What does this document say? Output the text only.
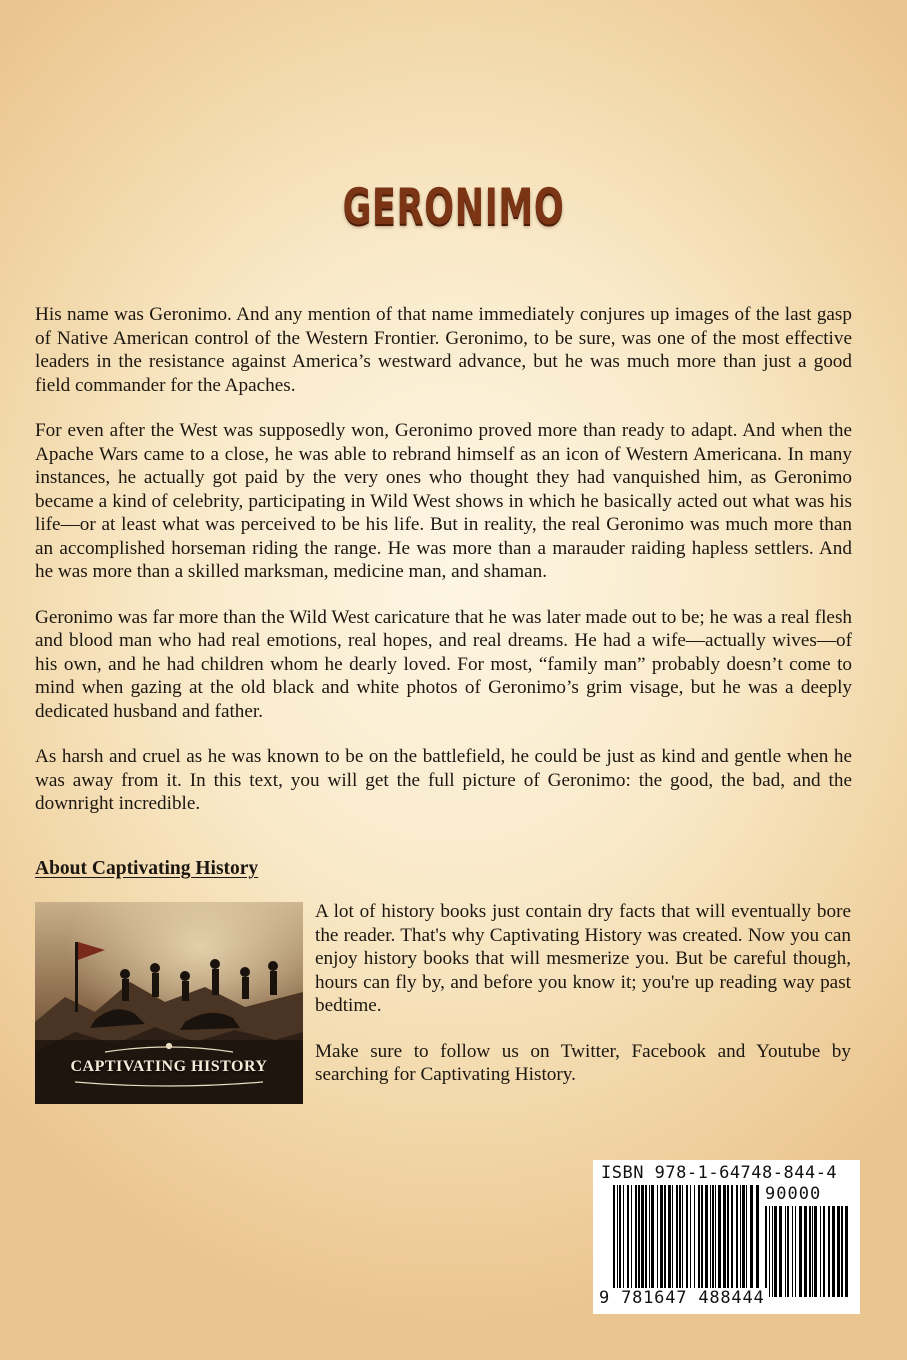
GERONIMO

His name was Geronimo. And any mention of that name immediately conjures up images of the last gasp of Native American control of the Western Frontier. Geronimo, to be sure, was one of the most effective leaders in the resistance against America’s westward advance, but he was much more than just a good field commander for the Apaches.

For even after the West was supposedly won, Geronimo proved more than ready to adapt. And when the Apache Wars came to a close, he was able to rebrand himself as an icon of Western Americana. In many instances, he actually got paid by the very ones who thought they had vanquished him, as Geronimo became a kind of celebrity, participating in Wild West shows in which he basically acted out what was his life—or at least what was perceived to be his life. But in reality, the real Geronimo was much more than an accomplished horseman riding the range. He was more than a marauder raiding hapless settlers. And he was more than a skilled marksman, medicine man, and shaman.

Geronimo was far more than the Wild West caricature that he was later made out to be; he was a real flesh and blood man who had real emotions, real hopes, and real dreams. He had a wife—actually wives—of his own, and he had children whom he dearly loved. For most, “family man” probably doesn’t come to mind when gazing at the old black and white photos of Geronimo’s grim visage, but he was a deeply dedicated husband and father.

As harsh and cruel as he was known to be on the battlefield, he could be just as kind and gentle when he was away from it. In this text, you will get the full picture of Geronimo: the good, the bad, and the downright incredible.

About Captivating History
CAPTIVATING HISTORY

A lot of history books just contain dry facts that will eventually bore the reader. That's why Captivating History was created. Now you can enjoy history books that will mesmerize you. But be careful though, hours can fly by, and before you know it; you're up reading way past bedtime.

Make sure to follow us on Twitter, Facebook and Youtube by searching for Captivating History.

ISBN 978-1-64748-844-4
90000
9 781647 488444
